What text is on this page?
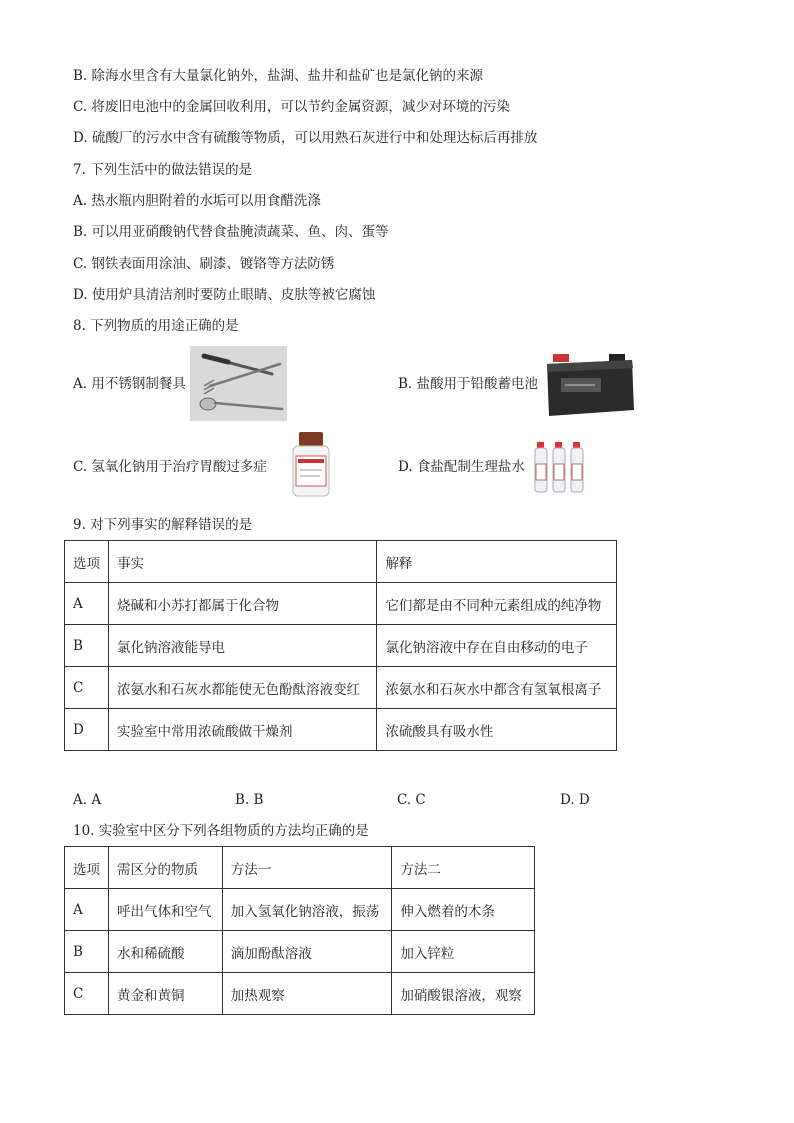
B. 除海水里含有大量氯化钠外，盐湖、盐井和盐矿也是氯化钠的来源
C. 将废旧电池中的金属回收利用，可以节约金属资源，减少对环境的污染
D. 硫酸厂的污水中含有硫酸等物质，可以用熟石灰进行中和处理达标后再排放
7. 下列生活中的做法错误的是
A. 热水瓶内胆附着的水垢可以用食醋洗涤
B. 可以用亚硝酸钠代替食盐腌渍蔬菜、鱼、肉、蛋等
C. 钢铁表面用涂油、刷漆、镀铬等方法防锈
D. 使用炉具清洁剂时要防止眼睛、皮肤等被它腐蚀
8. 下列物质的用途正确的是
A. 用不锈钢制餐具	B. 盐酸用于铅酸蓄电池
C. 氢氧化钠用于治疗胃酸过多症	D. 食盐配制生理盐水
9. 对下列事实的解释错误的是
选项	事实	解释
A	烧碱和小苏打都属于化合物	它们都是由不同种元素组成的纯净物
B	氯化钠溶液能导电	氯化钠溶液中存在自由移动的电子
C	浓氨水和石灰水都能使无色酚酞溶液变红	浓氨水和石灰水中都含有氢氧根离子
D	实验室中常用浓硫酸做干燥剂	浓硫酸具有吸水性
A. A	B. B	C. C	D. D
10. 实验室中区分下列各组物质的方法均正确的是
选项	需区分的物质	方法一	方法二
A	呼出气体和空气	加入氢氧化钠溶液，振荡	伸入燃着的木条
B	水和稀硫酸	滴加酚酞溶液	加入锌粒
C	黄金和黄铜	加热观察	加硝酸银溶液，观察
